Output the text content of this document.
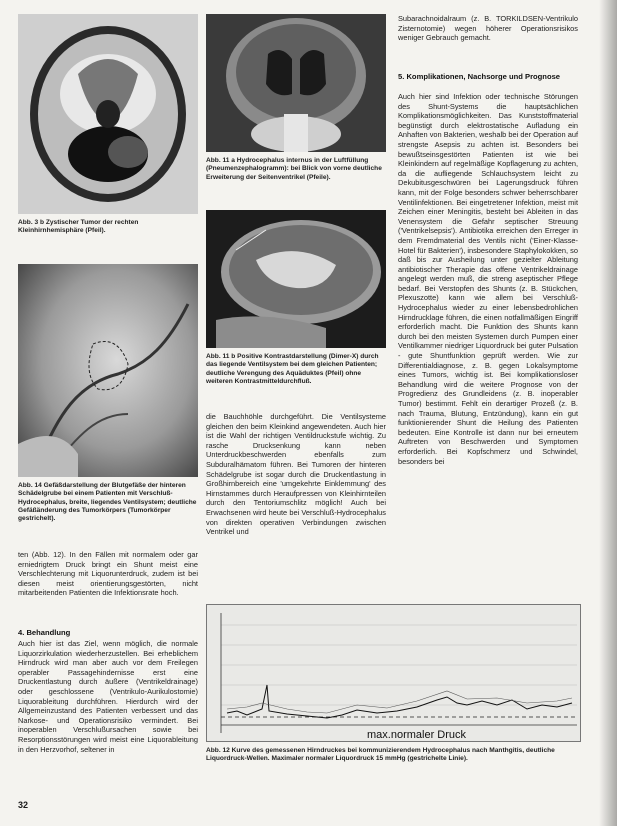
Abb. 3 b Zystischer Tumor der rechten Kleinhirnhemisphäre (Pfeil).
Abb. 14 Gefäßdarstellung der Blutgefäße der hinteren Schädelgrube bei einem Patienten mit Verschluß-Hydrocephalus, breite, liegendes Ventilsystem; deutliche Gefäßänderung des Tumorkörpers (Tumorkörper gestrichelt).
Abb. 11 a Hydrocephalus internus in der Luftfüllung (Pneumenzephalogramm): bei Blick von vorne deutliche Erweiterung der Seitenventrikel (Pfeile).
Abb. 11 b Positive Kontrastdarstellung (Dimer-X) durch das liegende Ventilsystem bei dem gleichen Patienten; deutliche Verengung des Aquäduktes (Pfeil) ohne weiteren Kontrastmitteldurchfluß.
ten (Abb. 12). In den Fällen mit normalem oder gar erniedrigtem Druck bringt ein Shunt meist eine Verschlechterung mit Liquorunterdruck, zudem ist bei diesen meist orientierungsgestörten, nicht mitarbeitenden Patienten die Infektionsrate hoch.
4. Behandlung
Auch hier ist das Ziel, wenn möglich, die normale Liquorzirkulation wiederherzustellen. Bei erheblichem Hirndruck wird man aber auch vor dem Freilegen operabler Passagehindernisse erst eine Druckentlastung durch äußere (Ventrikeldrainage) oder geschlossene (Ventrikulo-Aurikulostomie) Liquorableitung durchführen. Hierdurch wird der Allgemeinzustand des Patienten verbessert und das Narkose- und Operationsrisiko vermindert. Bei inoperablen Verschlußursachen sowie bei Resorptionsstörungen wird meist eine Liquorableitung in den Herzvorhof, seltener in
die Bauchhöhle durchgeführt. Die Ventilsysteme gleichen den beim Kleinkind angewendeten. Auch hier ist die Wahl der richtigen Ventildruckstufe wichtig. Zu rasche Drucksenkung kann neben Unterdruckbeschwerden ebenfalls zum Subduralhämatom führen. Bei Tumoren der hinteren Schädelgrube ist sogar durch die Druckentlastung in Großhirnbereich eine 'umgekehrte Einklemmung' des Hirnstammes durch Heraufpressen von Kleinhirnteilen durch den Tentoriumschlitz möglich! Auch bei Erwachsenen wird heute bei Verschluß-Hydrocephalus von direkten operativen Verbindungen zwischen Ventrikel und
Subarachnoidalraum (z. B. TORKILDSEN-Ventrikulo Zisternotomie) wegen höherer Operationsrisikos weniger Gebrauch gemacht.
5. Komplikationen, Nachsorge und Prognose
Auch hier sind Infektion oder technische Störungen des Shunt-Systems die hauptsächlichen Komplikationsmöglichkeiten. Das Kunststoffmaterial begünstigt durch elektrostatische Aufladung ein Anhaften von Bakterien, weshalb bei der Operation auf strengste Asepsis zu achten ist. Besonders bei bewußtseinsgestörten Patienten ist wie bei Kleinkindern auf regelmäßige Kopflagerung zu achten, da die aufliegende Schlauchsystem leicht zu Dekubitusgeschwüren bei Lagerungsdruck führen kann, mit der Folge besonders schwer beherrschbarer Ventilinfektionen. Bei eingetretener Infektion, meist mit Zeichen einer Meningitis, besteht bei Ableiten in das Venensystem die Gefahr septischer Streuung ('Ventrikelsepsis'). Antibiotika erreichen den Erreger in dem Fremdmaterial des Ventils nicht ('Einer-Klasse-Hotel für Bakterien'), insbesondere Staphylokokken, so daß bis zur Ausheilung unter gezielter Ableitung antibiotischer Therapie das offene Ventrikeldrainage angelegt werden muß, die streng aseptischer Pflege bedarf. Bei Verstopfen des Shunts (z. B. Stückchen, Plexuszotte) kann wie allem bei Verschluß-Hydrocephalus wieder zu einer lebensbedrohlichen Hirndrucklage führen, die einen notfallmäßigen Eingriff erforderlich macht. Die Funktion des Shunts kann durch bei den meisten Systemen durch Pumpen einer Ventilkammer niedriger Liquordruck bei guter Pulsation - gute Shuntfunktion geprüft werden. Wie zur Differentialdiagnose, z. B. gegen Lokalsymptome eines Tumors, wichtig ist. Bei komplikationsloser Behandlung wird die weitere Prognose von der Progredienz des Grundleidens (z. B. inoperabler Tumor) bestimmt. Fehlt ein derartiger Prozeß (z. B. nach Trauma, Blutung, Entzündung), kann ein gut funktionierender Shunt die Heilung des Patienten bedeuten. Eine Kontrolle ist dann nur bei erneutem Auftreten von Beschwerden und Symptomen erforderlich. Bei Kopfschmerz und Schwindel, besonders bei
max.normaler Druck
Abb. 12 Kurve des gemessenen Hirndruckes bei kommunizierendem Hydrocephalus nach Manthgitis, deutliche Liquordruck-Wellen. Maximaler normaler Liquordruck 15 mmHg (gestrichelte Linie).
32
